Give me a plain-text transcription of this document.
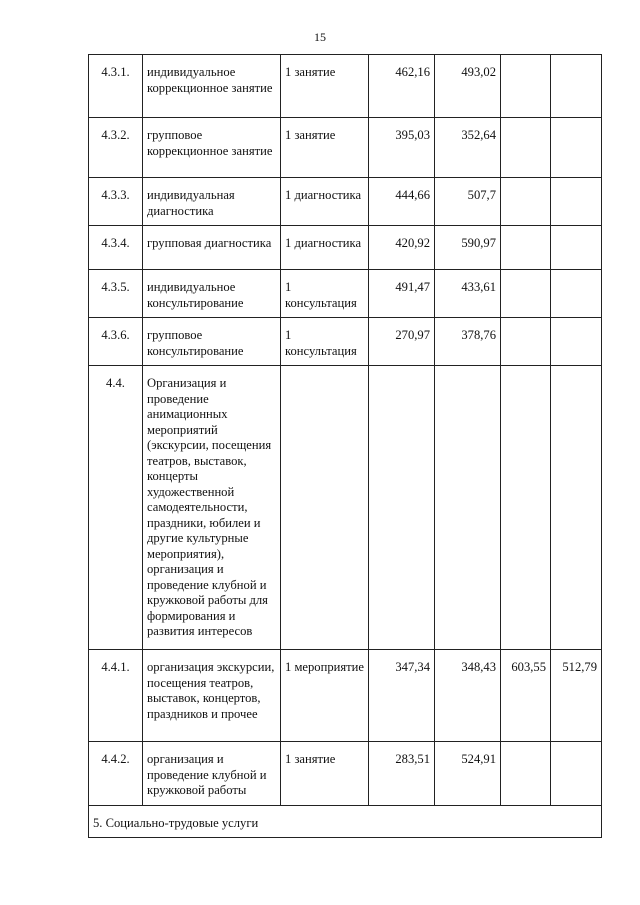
15
4.3.1.	индивидуальное коррекционное занятие	1 занятие	462,16	493,02		
4.3.2.	групповое коррекционное занятие	1 занятие	395,03	352,64		
4.3.3.	индивидуальная диагностика	1 диагностика	444,66	507,7		
4.3.4.	групповая диагностика	1 диагностика	420,92	590,97		
4.3.5.	индивидуальное консультирование	1 консультация	491,47	433,61		
4.3.6.	групповое консультирование	1 консультация	270,97	378,76		
4.4.	Организация и проведение анимационных мероприятий (экскурсии, посещения театров, выставок, концерты художественной самодеятельности, праздники, юбилеи и другие культурные мероприятия), организация и проведение клубной и кружковой работы для формирования и развития интересов					
4.4.1.	организация экскурсии, посещения театров, выставок, концертов, праздников и прочее	1 мероприятие	347,34	348,43	603,55	512,79
4.4.2.	организация и проведение клубной и кружковой работы	1 занятие	283,51	524,91		
5. Социально-трудовые услуги						
